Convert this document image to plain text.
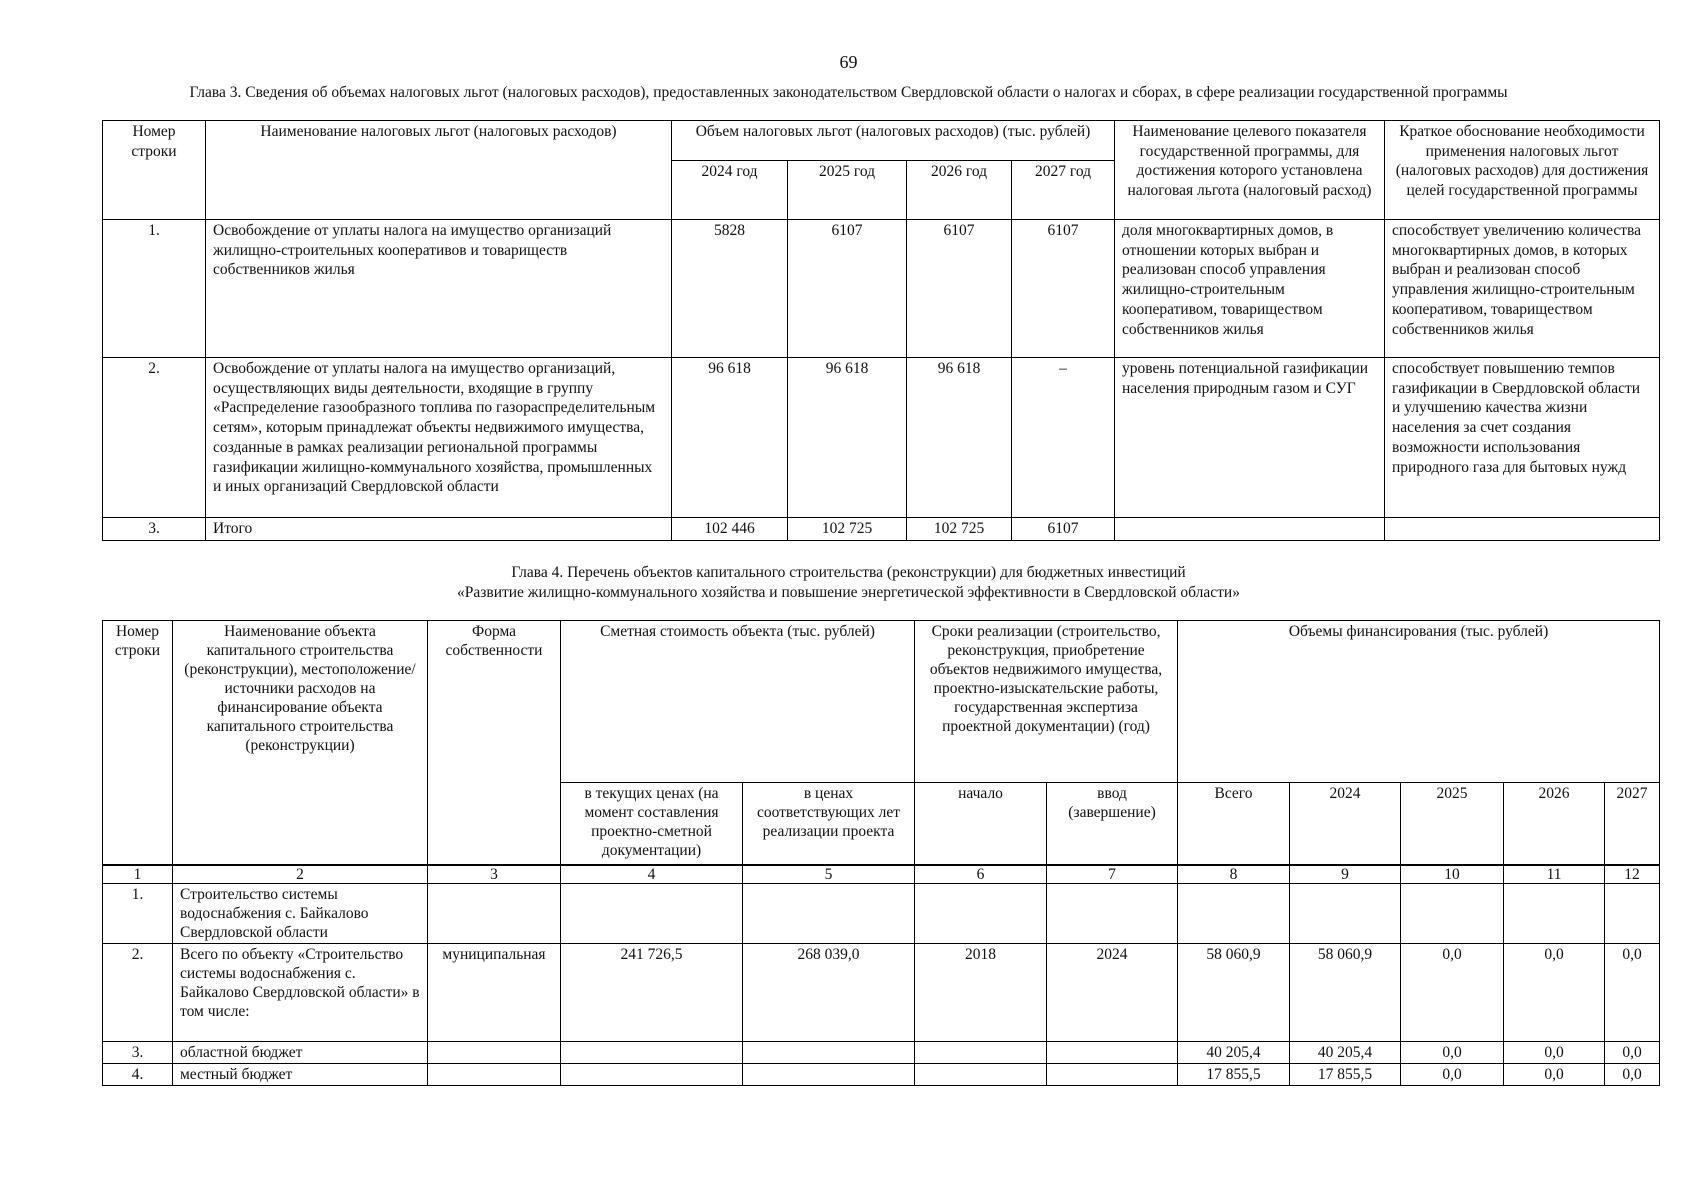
69
Глава 3. Сведения об объемах налоговых льгот (налоговых расходов), предоставленных законодательством Свердловской области о налогах и сборах, в сфере реализации государственной программы
Номер строки	Наименование налоговых льгот (налоговых расходов)	Объем налоговых льгот (налоговых расходов) (тыс. рублей)				Наименование целевого показателя государственной программы, для достижения которого установлена налоговая льгота (налоговый расход)	Краткое обоснование необходимости применения налоговых льгот (налоговых расходов) для достижения целей государственной программы
		2024 год	2025 год	2026 год	2027 год		
1.	Освобождение от уплаты налога на имущество организаций жилищно-строительных кооперативов и товариществ собственников жилья	5828	6107	6107	6107	доля многоквартирных домов, в отношении которых выбран и реализован способ управления жилищно-строительным кооперативом, товариществом собственников жилья	способствует увеличению количества многоквартирных домов, в которых выбран и реализован способ управления жилищно-строительным кооперативом, товариществом собственников жилья
2.	Освобождение от уплаты налога на имущество организаций, осуществляющих виды деятельности, входящие в группу «Распределение газообразного топлива по газораспределительным сетям», которым принадлежат объекты недвижимого имущества, созданные в рамках реализации региональной программы газификации жилищно-коммунального хозяйства, промышленных и иных организаций Свердловской области	96 618	96 618	96 618	–	уровень потенциальной газификации населения природным газом и СУГ	способствует повышению темпов газификации в Свердловской области и улучшению качества жизни населения за счет создания возможности использования природного газа для бытовых нужд
3.	Итого	102 446	102 725	102 725	6107		
Глава 4. Перечень объектов капитального строительства (реконструкции) для бюджетных инвестиций
«Развитие жилищно-коммунального хозяйства и повышение энергетической эффективности в Свердловской области»
Номер строки	Наименование объекта капитального строительства (реконструкции), местоположение/ источники расходов на финансирование объекта капитального строительства (реконструкции)	Форма собственности	Сметная стоимость объекта (тыс. рублей)		Сроки реализации (строительство, реконструкция, приобретение объектов недвижимого имущества, проектно-изыскательские работы, государственная экспертиза проектной документации) (год)		Объемы финансирования (тыс. рублей)				
			в текущих ценах (на момент составления проектно-сметной документации)	в ценах соответствующих лет реализации проекта	начало	ввод (завершение)	Всего	2024	2025	2026	2027
1	2	3	4	5	6	7	8	9	10	11	12
1.	Строительство системы водоснабжения с. Байкалово Свердловской области										
2.	Всего по объекту «Строительство системы водоснабжения с. Байкалово Свердловской области» в том числе:	муниципальная	241 726,5	268 039,0	2018	2024	58 060,9	58 060,9	0,0	0,0	0,0
3.	областной бюджет						40 205,4	40 205,4	0,0	0,0	0,0
4.	местный бюджет						17 855,5	17 855,5	0,0	0,0	0,0
